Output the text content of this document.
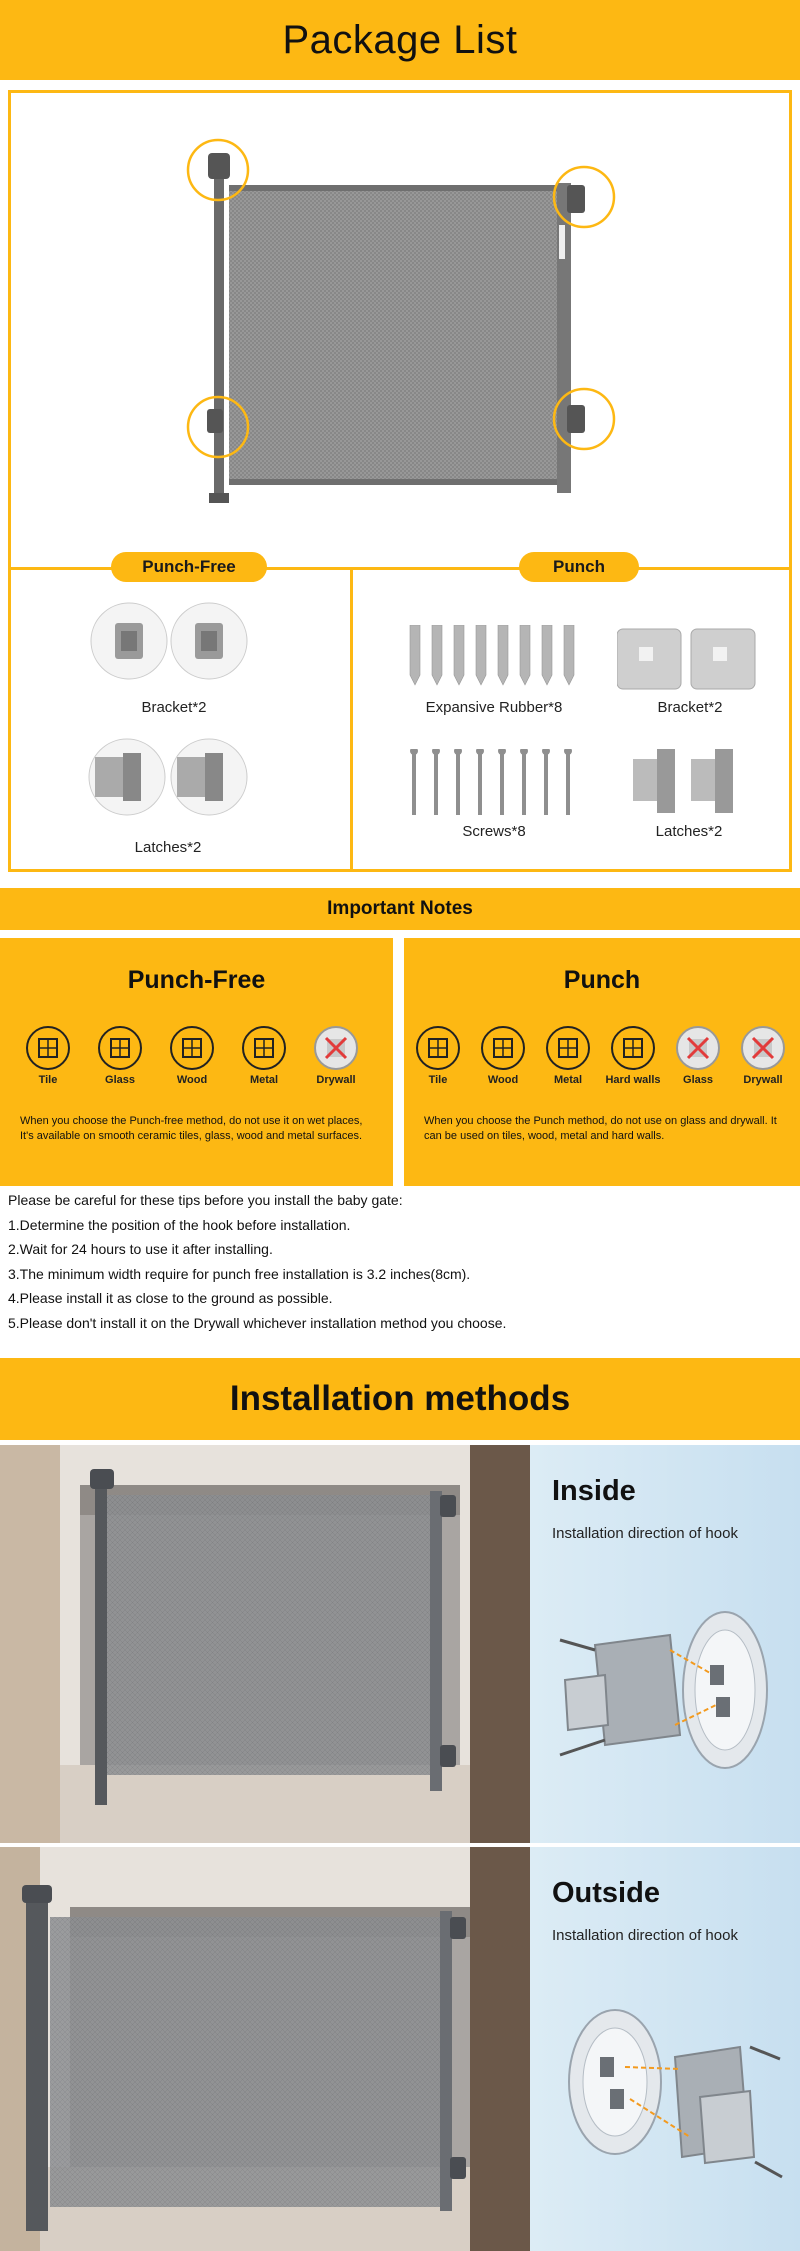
Package List
Punch-Free	Punch
Bracket*2
Latches*2
Expansive Rubber*8	Bracket*2
Screws*8	Latches*2
Important Notes
Punch-Free
Tile	Glass	Wood	Metal	Drywall
When you choose the Punch-free method, do not use it on wet places, It's available on smooth ceramic tiles, glass, wood and metal surfaces.
Punch
Tile	Wood	Metal	Hard walls	Glass	Drywall
When you choose the Punch method, do not use on glass and drywall. It can be used on tiles, wood, metal and hard walls.
Please be careful for these tips before you install the baby gate:
1.Determine the position of the hook before installation.
2.Wait for 24 hours to use it after installing.
3.The minimum width require for punch free installation is 3.2 inches(8cm).
4.Please install it as close to the ground as possible.
5.Please don't install it on the Drywall whichever installation method you choose.
Installation methods
Inside
Installation direction of hook
Outside
Installation direction of hook
